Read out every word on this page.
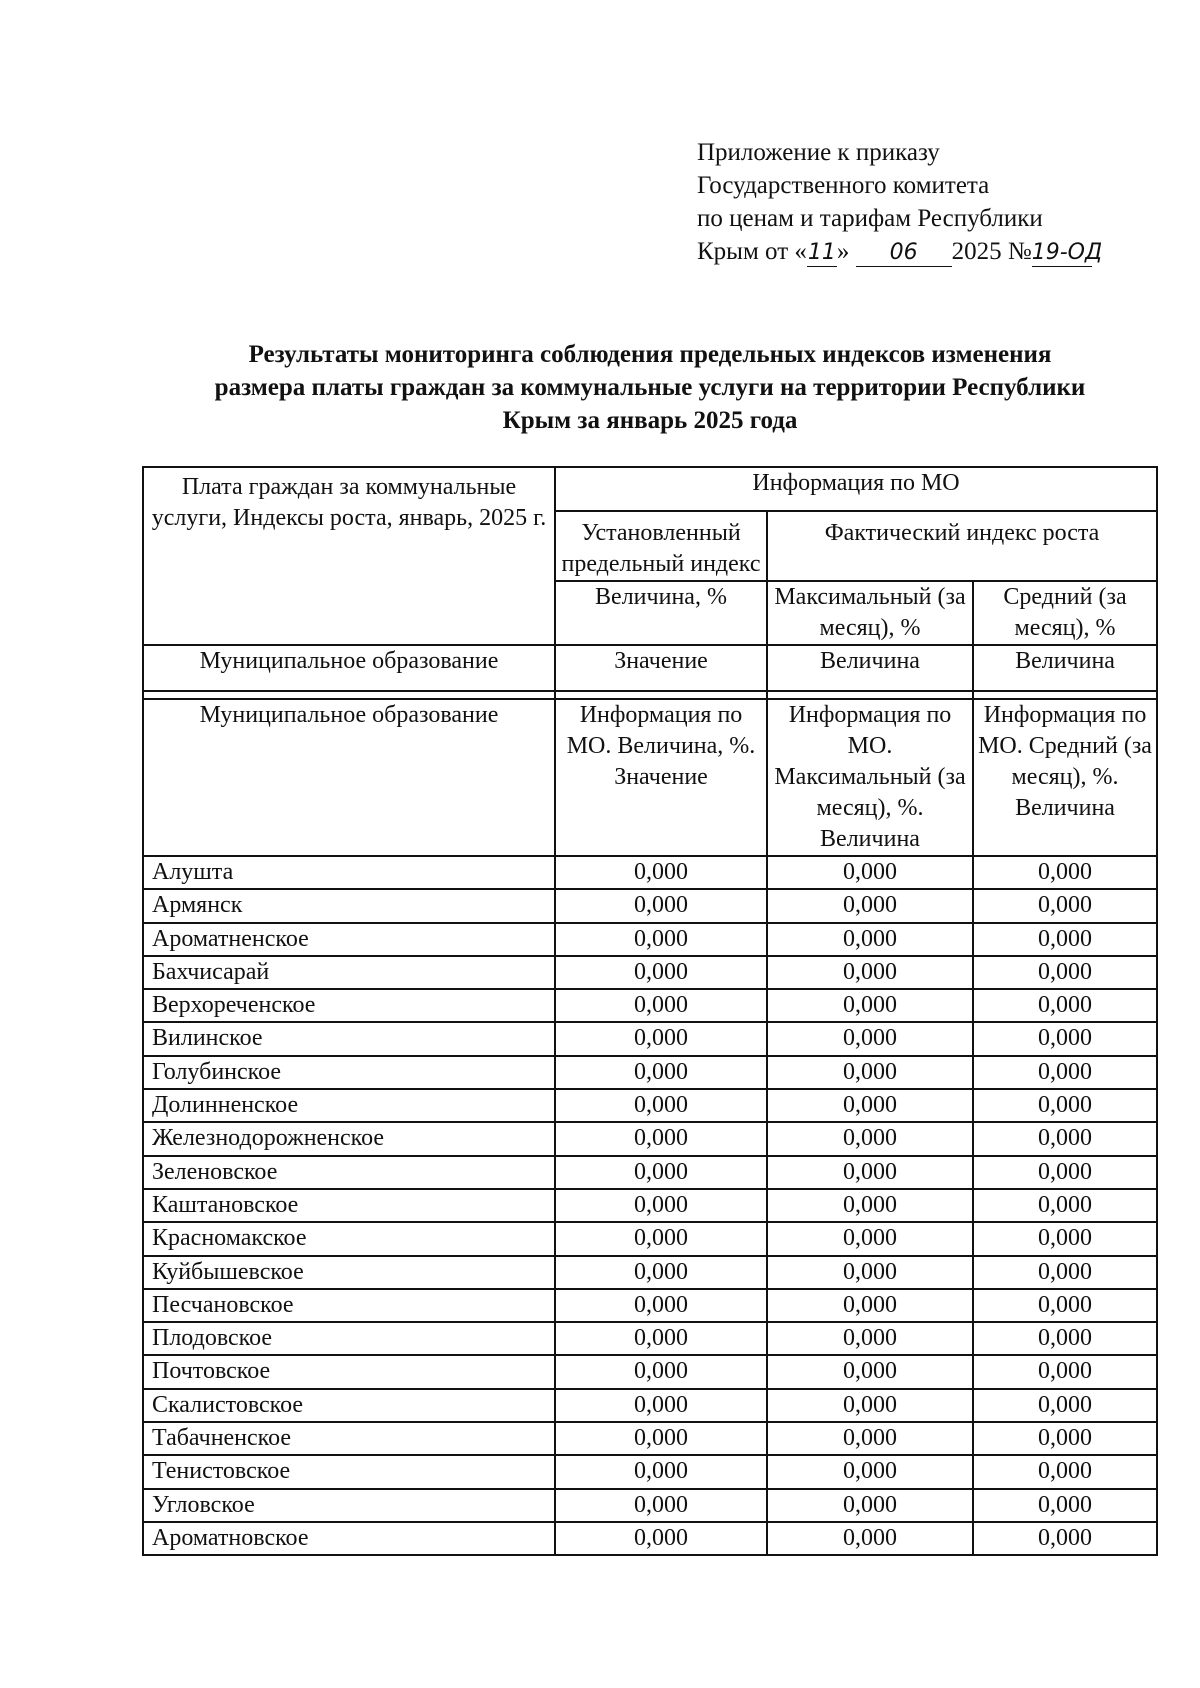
Приложение к приказу
Государственного комитета
по ценам и тарифам Республики
Крым от «11» 06 2025 №19-ОД
Результаты мониторинга соблюдения предельных индексов изменения
размера платы граждан за коммунальные услуги на территории Республики
Крым за январь 2025 года
Плата граждан за коммунальные услуги, Индексы роста, январь, 2025 г.	Информация по МО		
	Установленный предельный индекс	Фактический индекс роста	
	Величина, %	Максимальный (за месяц), %	Средний (за месяц), %
Муниципальное образование	Значение	Величина	Величина

Муниципальное образование	Информация по МО. Величина, %. Значение	Информация по МО. Максимальный (за месяц), %. Величина	Информация по МО. Средний (за месяц), %. Величина
Алушта	0,000	0,000	0,000
Армянск	0,000	0,000	0,000
Ароматненское	0,000	0,000	0,000
Бахчисарай	0,000	0,000	0,000
Верхореченское	0,000	0,000	0,000
Вилинское	0,000	0,000	0,000
Голубинское	0,000	0,000	0,000
Долинненское	0,000	0,000	0,000
Железнодорожненское	0,000	0,000	0,000
Зеленовское	0,000	0,000	0,000
Каштановское	0,000	0,000	0,000
Красномакское	0,000	0,000	0,000
Куйбышевское	0,000	0,000	0,000
Песчановское	0,000	0,000	0,000
Плодовское	0,000	0,000	0,000
Почтовское	0,000	0,000	0,000
Скалистовское	0,000	0,000	0,000
Табачненское	0,000	0,000	0,000
Тенистовское	0,000	0,000	0,000
Угловское	0,000	0,000	0,000
Ароматновское	0,000	0,000	0,000
